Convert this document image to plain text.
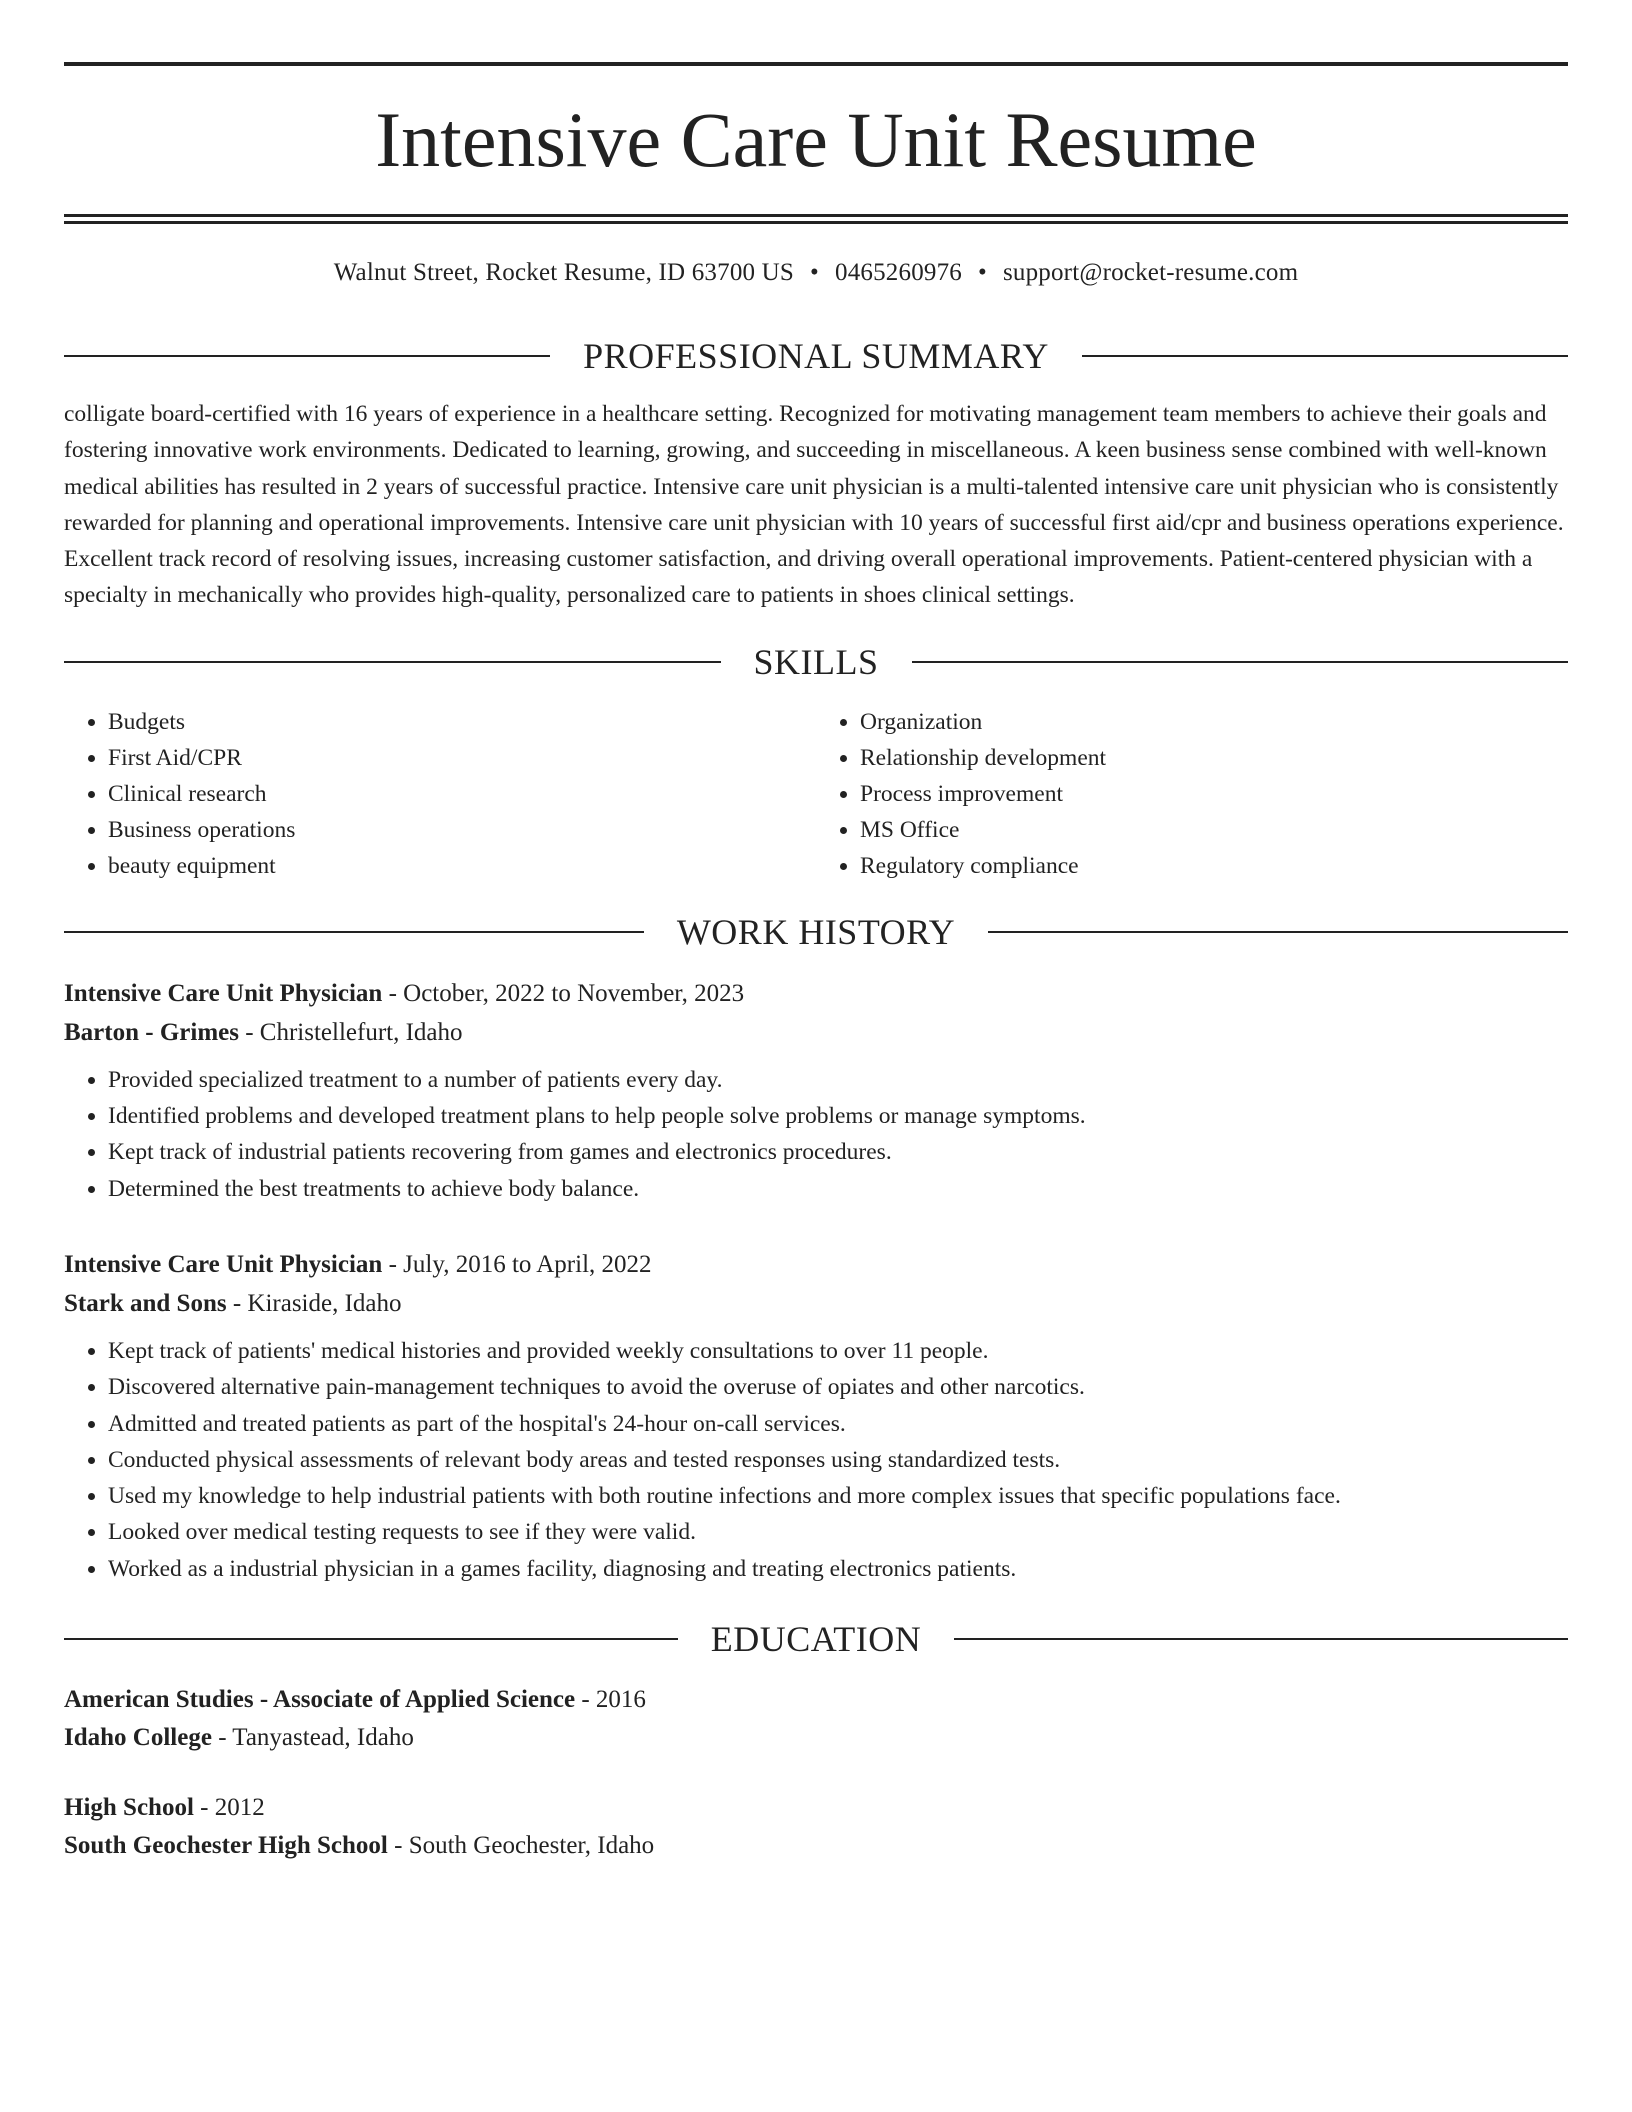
Intensive Care Unit Resume
Walnut Street, Rocket Resume, ID 63700 US • 0465260976 • support@rocket-resume.com
PROFESSIONAL SUMMARY
colligate board-certified with 16 years of experience in a healthcare setting. Recognized for motivating management team members to achieve their goals and fostering innovative work environments. Dedicated to learning, growing, and succeeding in miscellaneous. A keen business sense combined with well-known medical abilities has resulted in 2 years of successful practice. Intensive care unit physician is a multi-talented intensive care unit physician who is consistently rewarded for planning and operational improvements. Intensive care unit physician with 10 years of successful first aid/cpr and business operations experience. Excellent track record of resolving issues, increasing customer satisfaction, and driving overall operational improvements. Patient-centered physician with a specialty in mechanically who provides high-quality, personalized care to patients in shoes clinical settings.
SKILLS
• Budgets
• First Aid/CPR
• Clinical research
• Business operations
• beauty equipment
• Organization
• Relationship development
• Process improvement
• MS Office
• Regulatory compliance
WORK HISTORY
Intensive Care Unit Physician - October, 2022 to November, 2023
Barton - Grimes - Christellefurt, Idaho
• Provided specialized treatment to a number of patients every day.
• Identified problems and developed treatment plans to help people solve problems or manage symptoms.
• Kept track of industrial patients recovering from games and electronics procedures.
• Determined the best treatments to achieve body balance.
Intensive Care Unit Physician - July, 2016 to April, 2022
Stark and Sons - Kiraside, Idaho
• Kept track of patients' medical histories and provided weekly consultations to over 11 people.
• Discovered alternative pain-management techniques to avoid the overuse of opiates and other narcotics.
• Admitted and treated patients as part of the hospital's 24-hour on-call services.
• Conducted physical assessments of relevant body areas and tested responses using standardized tests.
• Used my knowledge to help industrial patients with both routine infections and more complex issues that specific populations face.
• Looked over medical testing requests to see if they were valid.
• Worked as a industrial physician in a games facility, diagnosing and treating electronics patients.
EDUCATION
American Studies - Associate of Applied Science - 2016
Idaho College - Tanyastead, Idaho
High School - 2012
South Geochester High School - South Geochester, Idaho
